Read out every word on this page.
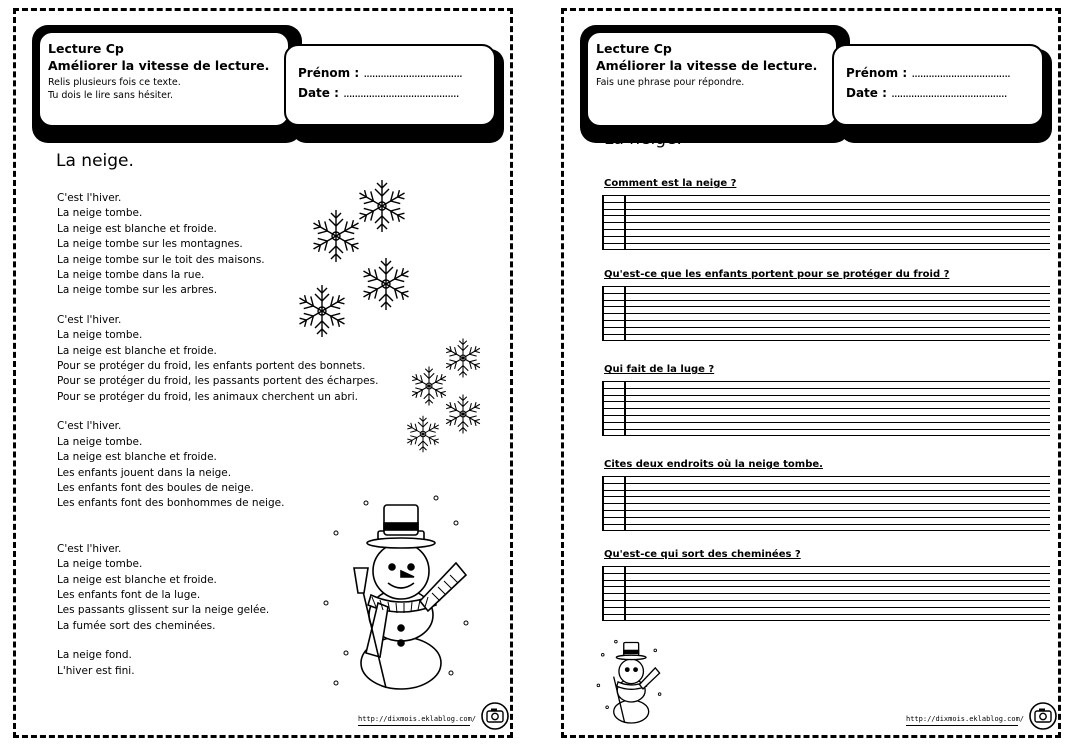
Lecture Cp
Améliorer la vitesse de lecture.
Relis plusieurs fois ce texte.
Tu dois le lire sans hésiter.
Prénom : ...................................
Date : .........................................
La neige.
C'est l'hiver.
La neige tombe.
La neige est blanche et froide.
La neige tombe sur les montagnes.
La neige tombe sur le toit des maisons.
La neige tombe dans la rue.
La neige tombe sur les arbres.
C'est l'hiver.
La neige tombe.
La neige est blanche et froide.
Pour se protéger du froid, les enfants portent des bonnets.
Pour se protéger du froid, les passants portent des écharpes.
Pour se protéger du froid, les animaux cherchent un abri.
C'est l'hiver.
La neige tombe.
La neige est blanche et froide.
Les enfants jouent dans la neige.
Les enfants font des boules de neige.
Les enfants font des bonhommes de neige.
C'est l'hiver.
La neige tombe.
La neige est blanche et froide.
Les enfants font de la luge.
Les passants glissent sur la neige gelée.
La fumée sort des cheminées.
La neige fond.
L'hiver est fini.
http://dixmois.eklablog.com/
Lecture Cp
Améliorer la vitesse de lecture.
Fais une phrase pour répondre.
Prénom : ...................................
Date : .........................................
La neige.
Comment est la neige ?
Qu'est-ce que les enfants portent pour se protéger du froid ?
Qui fait de la luge ?
Cites deux endroits où la neige tombe.
Qu'est-ce qui sort des cheminées ?
http://dixmois.eklablog.com/
